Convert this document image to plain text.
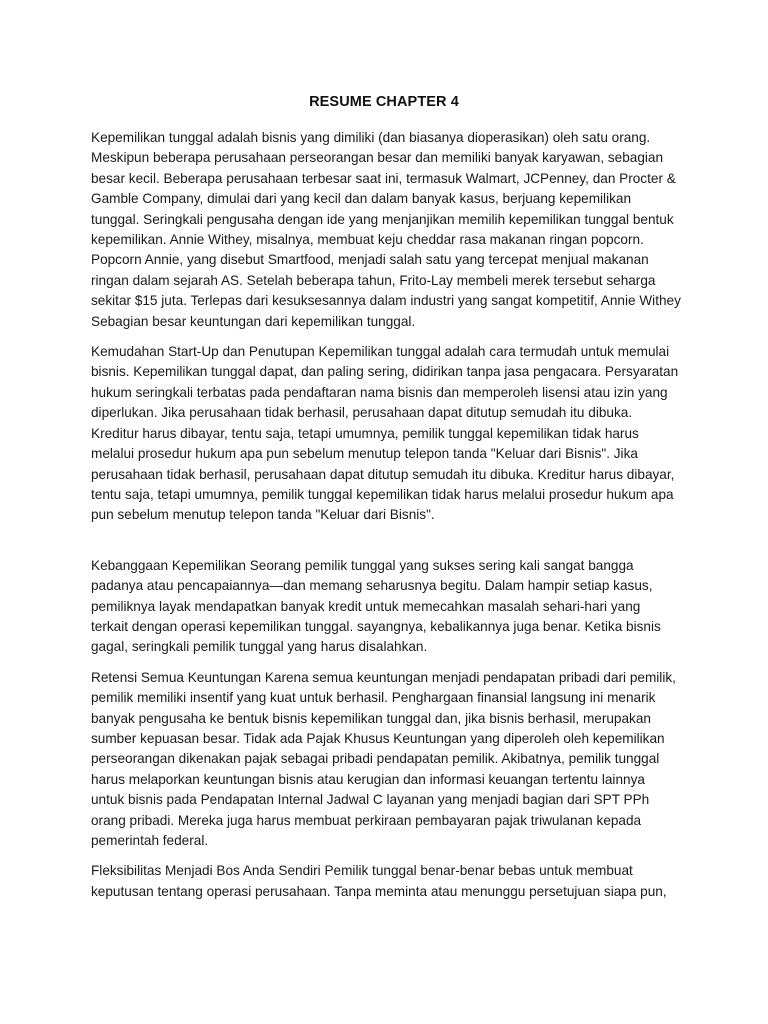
RESUME CHAPTER 4

Kepemilikan tunggal adalah bisnis yang dimiliki (dan biasanya dioperasikan) oleh satu orang. Meskipun beberapa perusahaan perseorangan besar dan memiliki banyak karyawan, sebagian besar kecil. Beberapa perusahaan terbesar saat ini, termasuk Walmart, JCPenney, dan Procter & Gamble Company, dimulai dari yang kecil dan dalam banyak kasus, berjuang kepemilikan tunggal. Seringkali pengusaha dengan ide yang menjanjikan memilih kepemilikan tunggal bentuk kepemilikan. Annie Withey, misalnya, membuat keju cheddar rasa makanan ringan popcorn. Popcorn Annie, yang disebut Smartfood, menjadi salah satu yang tercepat menjual makanan ringan dalam sejarah AS. Setelah beberapa tahun, Frito-Lay membeli merek tersebut seharga sekitar $15 juta. Terlepas dari kesuksesannya dalam industri yang sangat kompetitif, Annie Withey Sebagian besar keuntungan dari kepemilikan tunggal.

Kemudahan Start-Up dan Penutupan Kepemilikan tunggal adalah cara termudah untuk memulai bisnis. Kepemilikan tunggal dapat, dan paling sering, didirikan tanpa jasa pengacara. Persyaratan hukum seringkali terbatas pada pendaftaran nama bisnis dan memperoleh lisensi atau izin yang diperlukan. Jika perusahaan tidak berhasil, perusahaan dapat ditutup semudah itu dibuka. Kreditur harus dibayar, tentu saja, tetapi umumnya, pemilik tunggal kepemilikan tidak harus melalui prosedur hukum apa pun sebelum menutup telepon tanda "Keluar dari Bisnis". Jika perusahaan tidak berhasil, perusahaan dapat ditutup semudah itu dibuka. Kreditur harus dibayar, tentu saja, tetapi umumnya, pemilik tunggal kepemilikan tidak harus melalui prosedur hukum apa pun sebelum menutup telepon tanda "Keluar dari Bisnis".

Kebanggaan Kepemilikan Seorang pemilik tunggal yang sukses sering kali sangat bangga padanya atau pencapaiannya—dan memang seharusnya begitu. Dalam hampir setiap kasus, pemiliknya layak mendapatkan banyak kredit untuk memecahkan masalah sehari-hari yang terkait dengan operasi kepemilikan tunggal. sayangnya, kebalikannya juga benar. Ketika bisnis gagal, seringkali pemilik tunggal yang harus disalahkan.

Retensi Semua Keuntungan Karena semua keuntungan menjadi pendapatan pribadi dari pemilik, pemilik memiliki insentif yang kuat untuk berhasil. Penghargaan finansial langsung ini menarik banyak pengusaha ke bentuk bisnis kepemilikan tunggal dan, jika bisnis berhasil, merupakan sumber kepuasan besar. Tidak ada Pajak Khusus Keuntungan yang diperoleh oleh kepemilikan perseorangan dikenakan pajak sebagai pribadi pendapatan pemilik. Akibatnya, pemilik tunggal harus melaporkan keuntungan bisnis atau kerugian dan informasi keuangan tertentu lainnya untuk bisnis pada Pendapatan Internal Jadwal C layanan yang menjadi bagian dari SPT PPh orang pribadi. Mereka juga harus membuat perkiraan pembayaran pajak triwulanan kepada pemerintah federal.

Fleksibilitas Menjadi Bos Anda Sendiri Pemilik tunggal benar-benar bebas untuk membuat keputusan tentang operasi perusahaan. Tanpa meminta atau menunggu persetujuan siapa pun,
